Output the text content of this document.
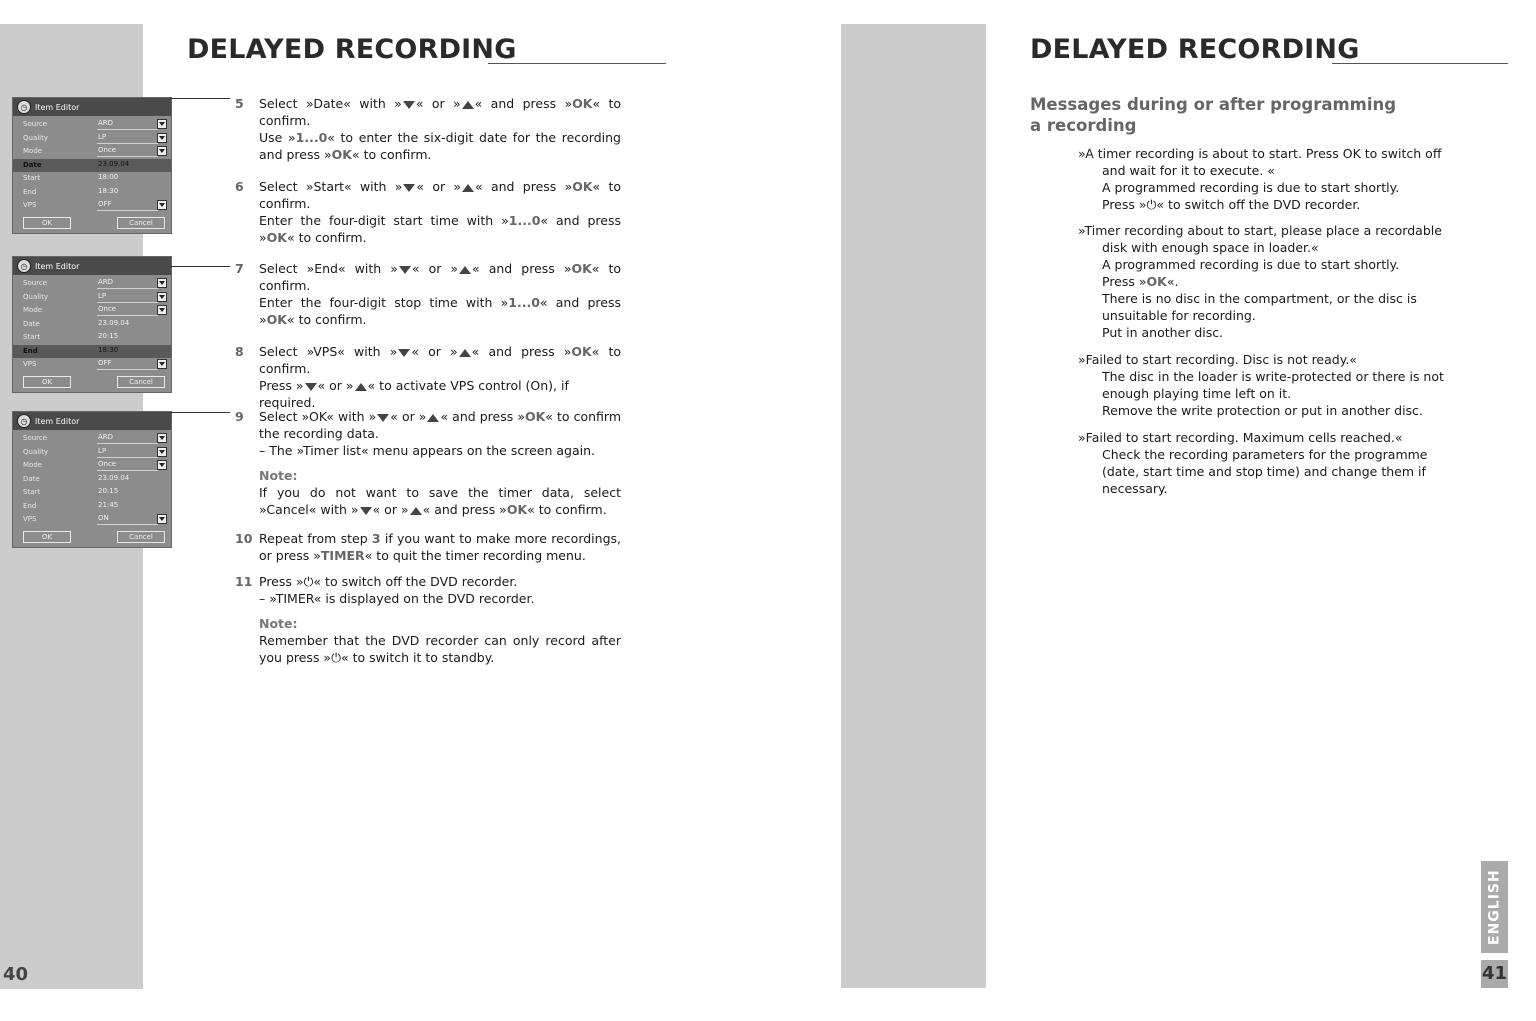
DELAYED RECORDING
40
◷ Item Editor
Source	ARD
Quality	LP
Mode	Once
Date	23.09.04
Start	18:00
End	18:30
VPS	OFF
OK	Cancel
◷ Item Editor
Source	ARD
Quality	LP
Mode	Once
Date	23.09.04
Start	20:15
End	18:30
VPS	OFF
OK	Cancel
◷ Item Editor
Source	ARD
Quality	LP
Mode	Once
Date	23.09.04
Start	20:15
End	21:45
VPS	ON
OK	Cancel
5	Select »Date« with » « or » « and press »OK« to confirm.

Use »1...0« to enter the six-digit date for the recording and press »OK« to confirm.

6	Select »Start« with » « or » « and press »OK« to confirm.

Enter the four-digit start time with »1...0« and press »OK« to confirm.

7	Select »End« with » « or » « and press »OK« to confirm.

Enter the four-digit stop time with »1...0« and press »OK« to confirm.

8	Select »VPS« with » « or » « and press »OK« to confirm.

Press » « or » « to activate VPS control (On), if required.

9	Select »OK« with » « or » « and press »OK« to confirm the recording data.

– The »Timer list« menu appears on the screen again.

Note:

If you do not want to save the timer data, select »Cancel« with » « or » « and press »OK« to confirm.

10 Repeat from step 3 if you want to make more recordings, or press »TIMER« to quit the timer recording menu.

11 Press »⏻« to switch off the DVD recorder.

– »TIMER« is displayed on the DVD recorder.

Note:

Remember that the DVD recorder can only record after you press »⏻« to switch it to standby.

DELAYED RECORDING
Messages during or after programming a recording

»A timer recording is about to start. Press OK to switch off and wait for it to execute. «

A programmed recording is due to start shortly.

Press »⏻« to switch off the DVD recorder.

»Timer recording about to start, please place a recordable disk with enough space in loader.«

A programmed recording is due to start shortly.

Press »OK«.

There is no disc in the compartment, or the disc is unsuitable for recording.

Put in another disc.

»Failed to start recording. Disc is not ready.«

The disc in the loader is write-protected or there is not enough playing time left on it.

Remove the write protection or put in another disc.

»Failed to start recording. Maximum cells reached.«

Check the recording parameters for the programme (date, start time and stop time) and change them if necessary.

ENGLISH
41
